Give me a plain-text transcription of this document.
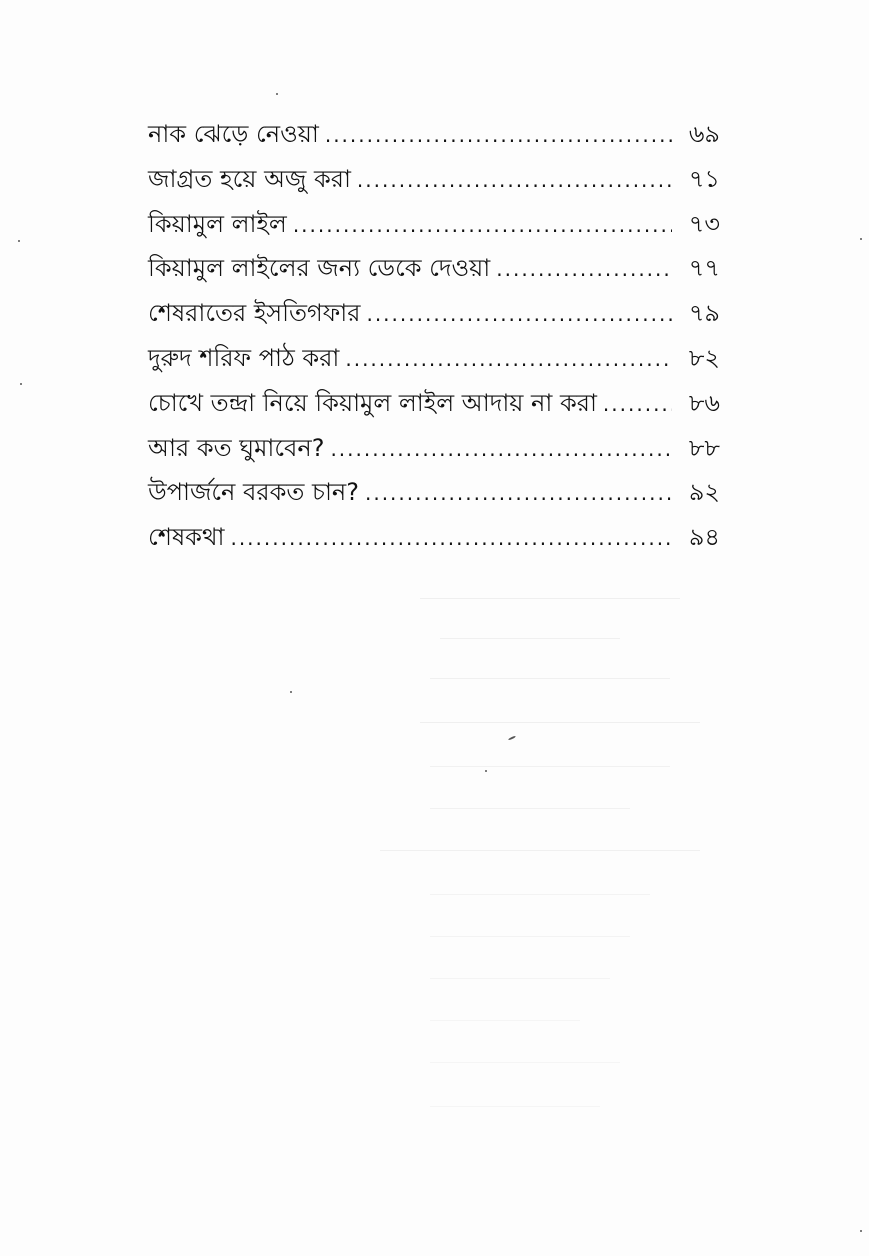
নাক ঝেড়ে নেওয়া .....	৬৯
জাগ্রত হয়ে অজু করা .....	৭১
কিয়ামুল লাইল .....	৭৩
কিয়ামুল লাইলের জন্য ডেকে দেওয়া .....	৭৭
শেষরাতের ইসতিগফার .....	৭৯
দুরুদ শরিফ পাঠ করা .....	৮২
চোখে তন্দ্রা নিয়ে কিয়ামুল লাইল আদায় না করা .....	৮৬
আর কত ঘুমাবেন? .....	৮৮
উপার্জনে বরকত চান? .....	৯২
শেষকথা .....	৯৪
